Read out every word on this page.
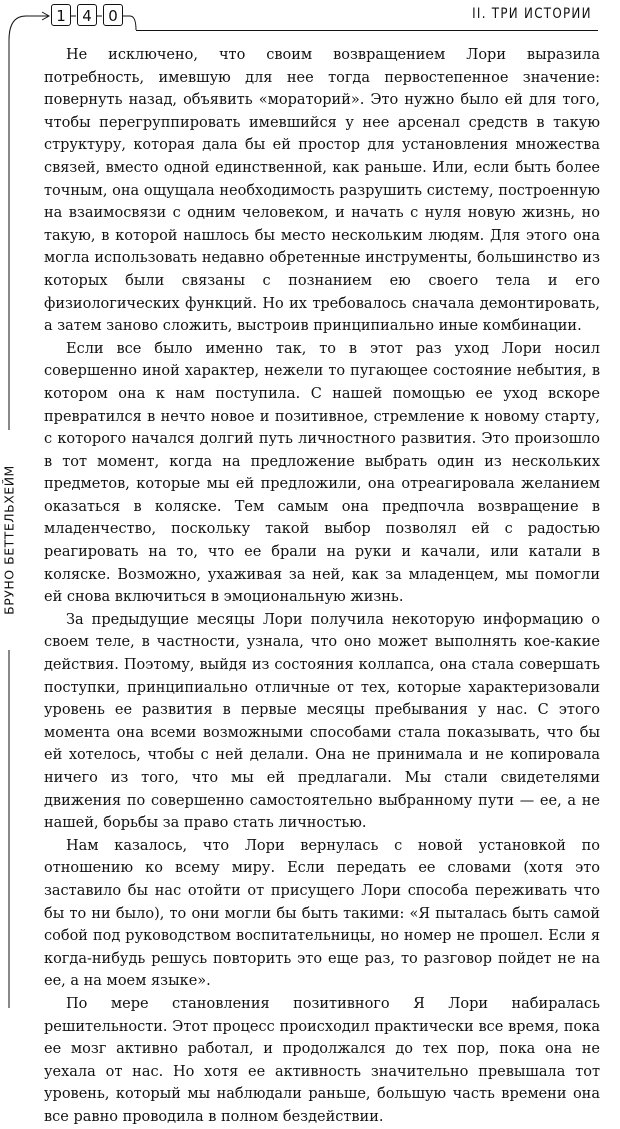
1	4	0	II. ТРИ ИСТОРИИ
БРУНО БЕТТЕЛЬХЕЙМ

Не исключено, что своим возвращением Лори выразила потребность, имевшую для нее тогда первостепенное значение: повернуть назад, объявить «мораторий». Это нужно было ей для того, чтобы перегруппировать имевшийся у нее арсенал средств в такую структуру, которая дала бы ей простор для установления множества связей, вместо одной единственной, как раньше. Или, если быть более точным, она ощущала необходимость разрушить систему, построенную на взаимосвязи с одним человеком, и начать с нуля новую жизнь, но такую, в которой нашлось бы место нескольким людям. Для этого она могла использовать недавно обретенные инструменты, большинство из которых были связаны с познанием ею своего тела и его физиологических функций. Но их требовалось сначала демонтировать, а затем заново сложить, выстроив принципиально иные комбинации.

Если все было именно так, то в этот раз уход Лори носил совершенно иной характер, нежели то пугающее состояние небытия, в котором она к нам поступила. С нашей помощью ее уход вскоре превратился в нечто новое и позитивное, стремление к новому старту, с которого начался долгий путь личностного развития. Это произошло в тот момент, когда на предложение выбрать один из нескольких предметов, которые мы ей предложили, она отреагировала желанием оказаться в коляске. Тем самым она предпочла возвращение в младенчество, поскольку такой выбор позволял ей с радостью реагировать на то, что ее брали на руки и качали, или катали в коляске. Возможно, ухаживая за ней, как за младенцем, мы помогли ей снова включиться в эмоциональную жизнь.

За предыдущие месяцы Лори получила некоторую информацию о своем теле, в частности, узнала, что оно может выполнять кое-какие действия. Поэтому, выйдя из состояния коллапса, она стала совершать поступки, принципиально отличные от тех, которые характеризовали уровень ее развития в первые месяцы пребывания у нас. С этого момента она всеми возможными способами стала показывать, что бы ей хотелось, чтобы с ней делали. Она не принимала и не копировала ничего из того, что мы ей предлагали. Мы стали свидетелями движения по совершенно самостоятельно выбранному пути — ее, а не нашей, борьбы за право стать личностью.

Нам казалось, что Лори вернулась с новой установкой по отношению ко всему миру. Если передать ее словами (хотя это заставило бы нас отойти от присущего Лори способа переживать что бы то ни было), то они могли бы быть такими: «Я пыталась быть самой собой под руководством воспитательницы, но номер не прошел. Если я когда-нибудь решусь повторить это еще раз, то разговор пойдет не на ее, а на моем языке».

По мере становления позитивного Я Лори набиралась решительности. Этот процесс происходил практически все время, пока ее мозг активно работал, и продолжался до тех пор, пока она не уехала от нас. Но хотя ее активность значительно превышала тот уровень, который мы наблюдали раньше, большую часть времени она все равно проводила в полном бездействии.
